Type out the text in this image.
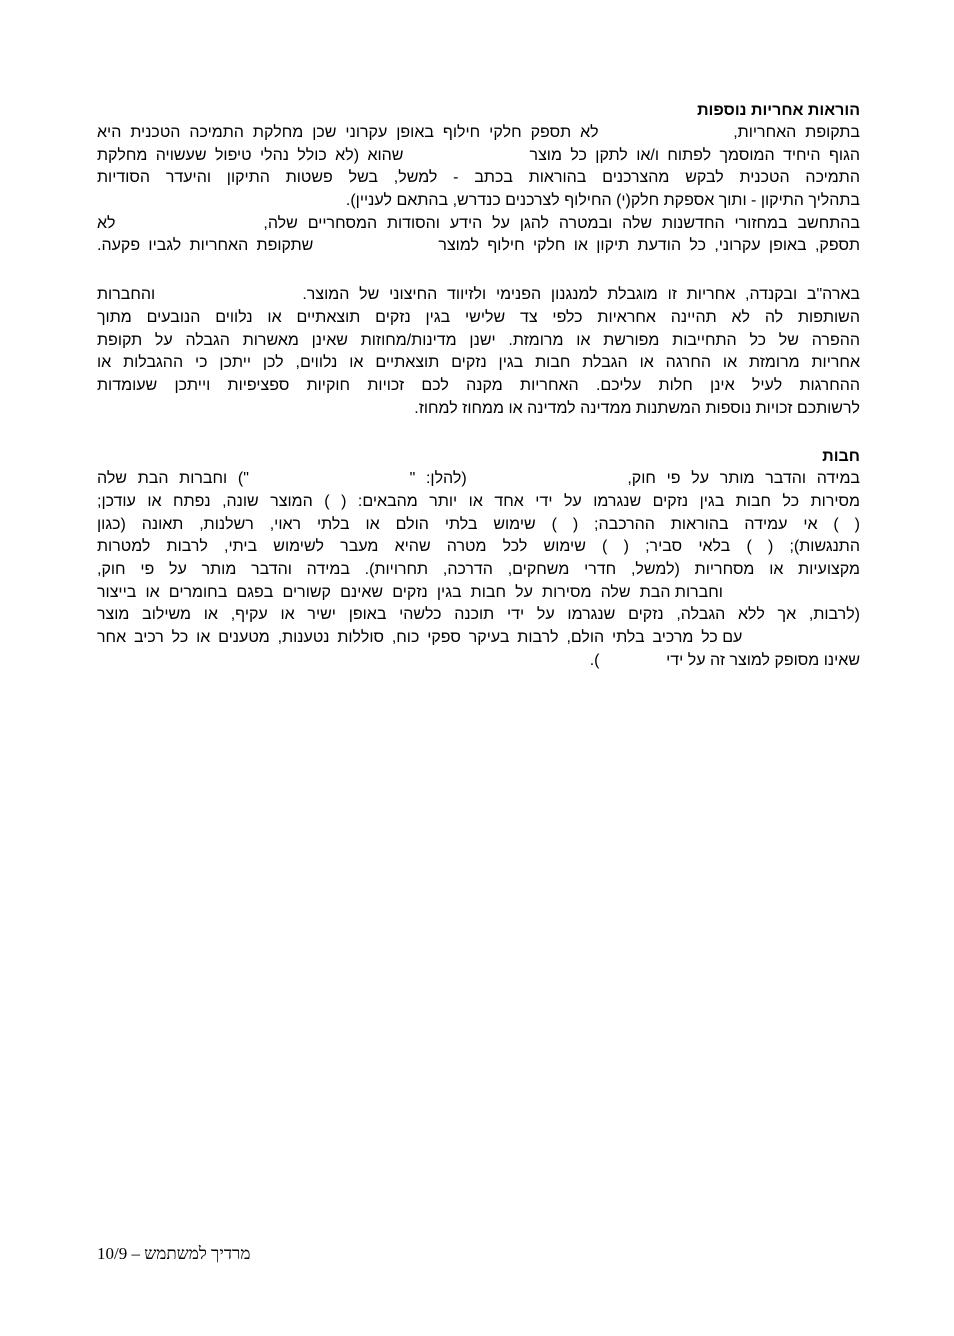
הוראות אחריות נוספות
בתקופת האחריות,               לא תספק חלקי חילוף באופן עקרוני שכן מחלקת התמיכה הטכנית היא
הגוף היחיד המוסמך לפתוח ו/או לתקן כל מוצר               שהוא (לא כולל נהלי טיפול שעשויה מחלקת
התמיכה הטכנית לבקש מהצרכנים בהוראות בכתב - למשל, בשל פשטות התיקון והיעדר הסודיות
בתהליך התיקון - ותוך אספקת חלק(י) החילוף לצרכנים כנדרש, בהתאם לעניין).
בהתחשב במחזורי החדשנות שלה ובמטרה להגן על הידע והסודות המסחריים שלה,               לא
תספק, באופן עקרוני, כל הודעת תיקון או חלקי חילוף למוצר               שתקופת האחריות לגביו פקעה.
בארה"ב ובקנדה, אחריות זו מוגבלת למנגנון הפנימי ולזיווד החיצוני של המוצר.               והחברות
השותפות לה לא תהיינה אחראיות כלפי צד שלישי בגין נזקים תוצאתיים או נלווים הנובעים מתוך
ההפרה של כל התחייבות מפורשת או מרומזת. ישנן מדינות/מחוזות שאינן מאשרות הגבלה על תקופת
אחריות מרומזת או החרגה או הגבלת חבות בגין נזקים תוצאתיים או נלווים, לכן ייתכן כי ההגבלות או
ההחרגות לעיל אינן חלות עליכם. האחריות מקנה לכם זכויות חוקיות ספציפיות וייתכן שעומדות
לרשותכם זכויות נוספות המשתנות ממדינה למדינה או ממחוז למחוז.
חבות
במידה והדבר מותר על פי חוק,               (להלן: "               ") וחברות הבת שלה
מסירות כל חבות בגין נזקים שנגרמו על ידי אחד או יותר מהבאים: ( ) המוצר שונה, נפתח או עודכן;
( ) אי עמידה בהוראות ההרכבה; ( ) שימוש בלתי הולם או בלתי ראוי, רשלנות, תאונה (כגון
התנגשות); ( ) בלאי סביר; ( ) שימוש לכל מטרה שהיא מעבר לשימוש ביתי, לרבות למטרות
מקצועיות או מסחריות (למשל, חדרי משחקים, הדרכה, תחרויות). במידה והדבר מותר על פי חוק,
וחברות הבת שלה מסירות על חבות בגין נזקים שאינם קשורים בפגם בחומרים או בייצור
(לרבות, אך ללא הגבלה, נזקים שנגרמו על ידי תוכנה כלשהי באופן ישיר או עקיף, או משילוב מוצר
עם כל מרכיב בלתי הולם, לרבות בעיקר ספקי כוח, סוללות נטענות, מטענים או כל רכיב אחר
שאינו מסופק למוצר זה על ידי               ).
מרדיך למשתמש – 10/9
